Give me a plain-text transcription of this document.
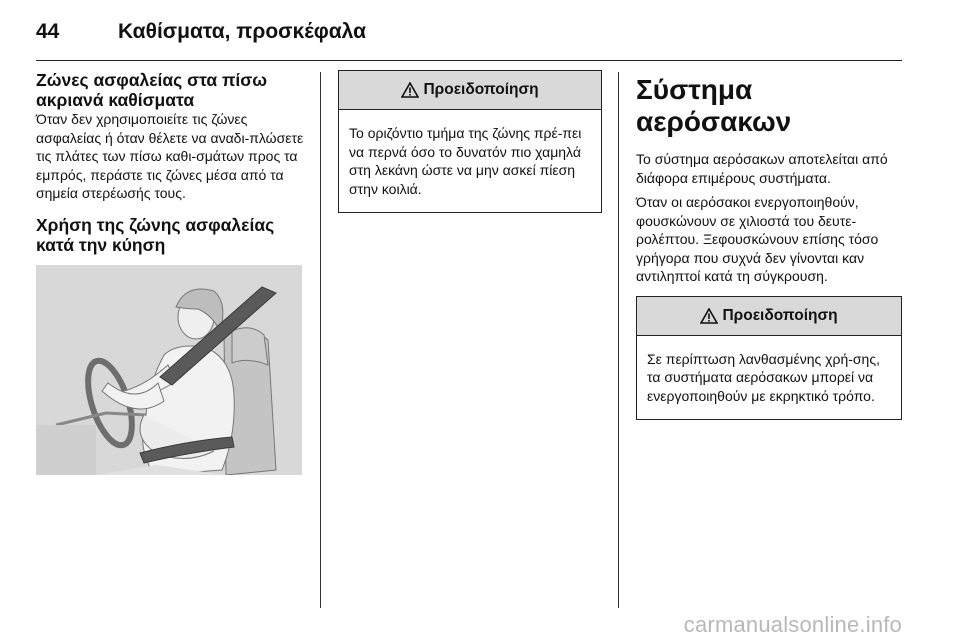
44	Καθίσματα, προσκέφαλα

Ζώνες ασφαλείας στα πίσω ακριανά καθίσματα

Όταν δεν χρησιμοποιείτε τις ζώνες ασφαλείας ή όταν θέλετε να αναδι-πλώσετε τις πλάτες των πίσω καθι-σμάτων προς τα εμπρός, περάστε τις ζώνες μέσα από τα σημεία στερέωσής τους.

Χρήση της ζώνης ασφαλείας κατά την κύηση

Προειδοποίηση
Το οριζόντιο τμήμα της ζώνης πρέ-πει να περνά όσο το δυνατόν πιο χαμηλά στη λεκάνη ώστε να μην ασκεί πίεση στην κοιλιά.

Σύστημα αερόσακων

Το σύστημα αερόσακων αποτελείται από διάφορα επιμέρους συστήματα.

Όταν οι αερόσακοι ενεργοποιηθούν, φουσκώνουν σε χιλιοστά του δευτε-ρολέπτου. Ξεφουσκώνουν επίσης τόσο γρήγορα που συχνά δεν γίνονται καν αντιληπτοί κατά τη σύγκρουση.

Προειδοποίηση
Σε περίπτωση λανθασμένης χρή-σης, τα συστήματα αερόσακων μπορεί να ενεργοποιηθούν με εκρηκτικό τρόπο.
carmanualsonline.info
